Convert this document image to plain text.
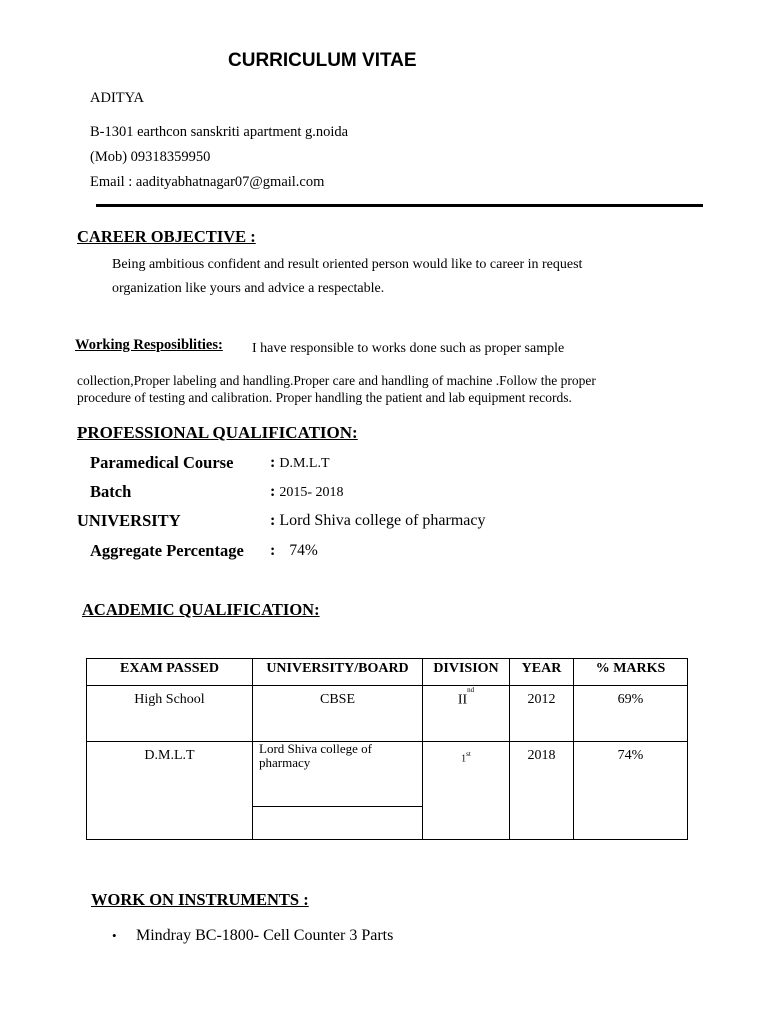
CURRICULUM VITAE
ADITYA
B-1301 earthcon sanskriti apartment g.noida
(Mob) 09318359950
Email : aadityabhatnagar07@gmail.com
CAREER OBJECTIVE :
Being ambitious confident and result oriented person would like to career in request
organization like yours and advice a respectable.
Working Resposiblities: I have responsible to works done such as proper sample
collection,Proper labeling and handling.Proper care and handling of machine .Follow the proper
procedure of testing and calibration. Proper handling the patient and lab equipment records.
PROFESSIONAL QUALIFICATION:
Paramedical Course : D.M.L.T
Batch	: 2015- 2018
UNIVERSITY	: Lord Shiva college of pharmacy
Aggregate Percentage : 74%
ACADEMIC QUALIFICATION:
EXAM PASSED	UNIVERSITY/BOARD	DIVISION	YEAR	% MARKS
High School	CBSE	IInd	2012	69%
D.M.L.T	Lord Shiva college of pharmacy	1st	2018	74%
WORK ON INSTRUMENTS :
• Mindray BC-1800- Cell Counter 3 Parts
